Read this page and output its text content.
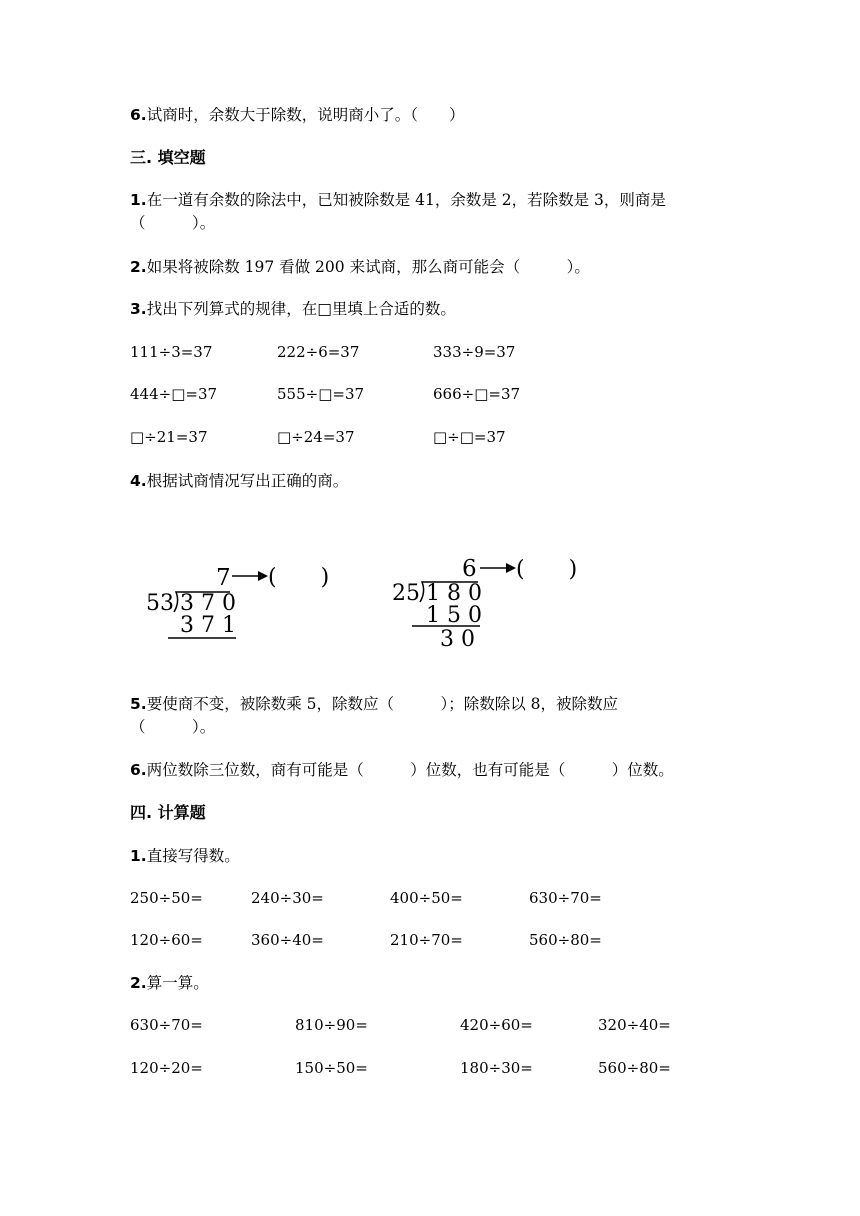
6.试商时，余数大于除数，说明商小了。（　　）
三. 填空题
1.在一道有余数的除法中，已知被除数是 41，余数是 2，若除数是 3，则商是
（　　　）。
2.如果将被除数 197 看做 200 来试商，那么商可能会（　　　）。
3.找出下列算式的规律，在□里填上合适的数。
111÷3=37	222÷6=37	333÷9=37
444÷□=37	555÷□=37	666÷□=37
□÷21=37	□÷24=37	□÷□=37
4.根据试商情况写出正确的商。
7 (　　)
53 3 7 0
3 7 1
6 (　　)
25 1 8 0
1 5 0
3 0
5.要使商不变，被除数乘 5，除数应（　　　）；除数除以 8，被除数应
（　　　）。
6.两位数除三位数，商有可能是（　　　）位数，也有可能是（　　　）位数。
四. 计算题
1.直接写得数。
250÷50=	240÷30=	400÷50=	630÷70=
120÷60=	360÷40=	210÷70=	560÷80=
2.算一算。
630÷70=	810÷90=	420÷60=	320÷40=
120÷20=	150÷50=	180÷30=	560÷80=
